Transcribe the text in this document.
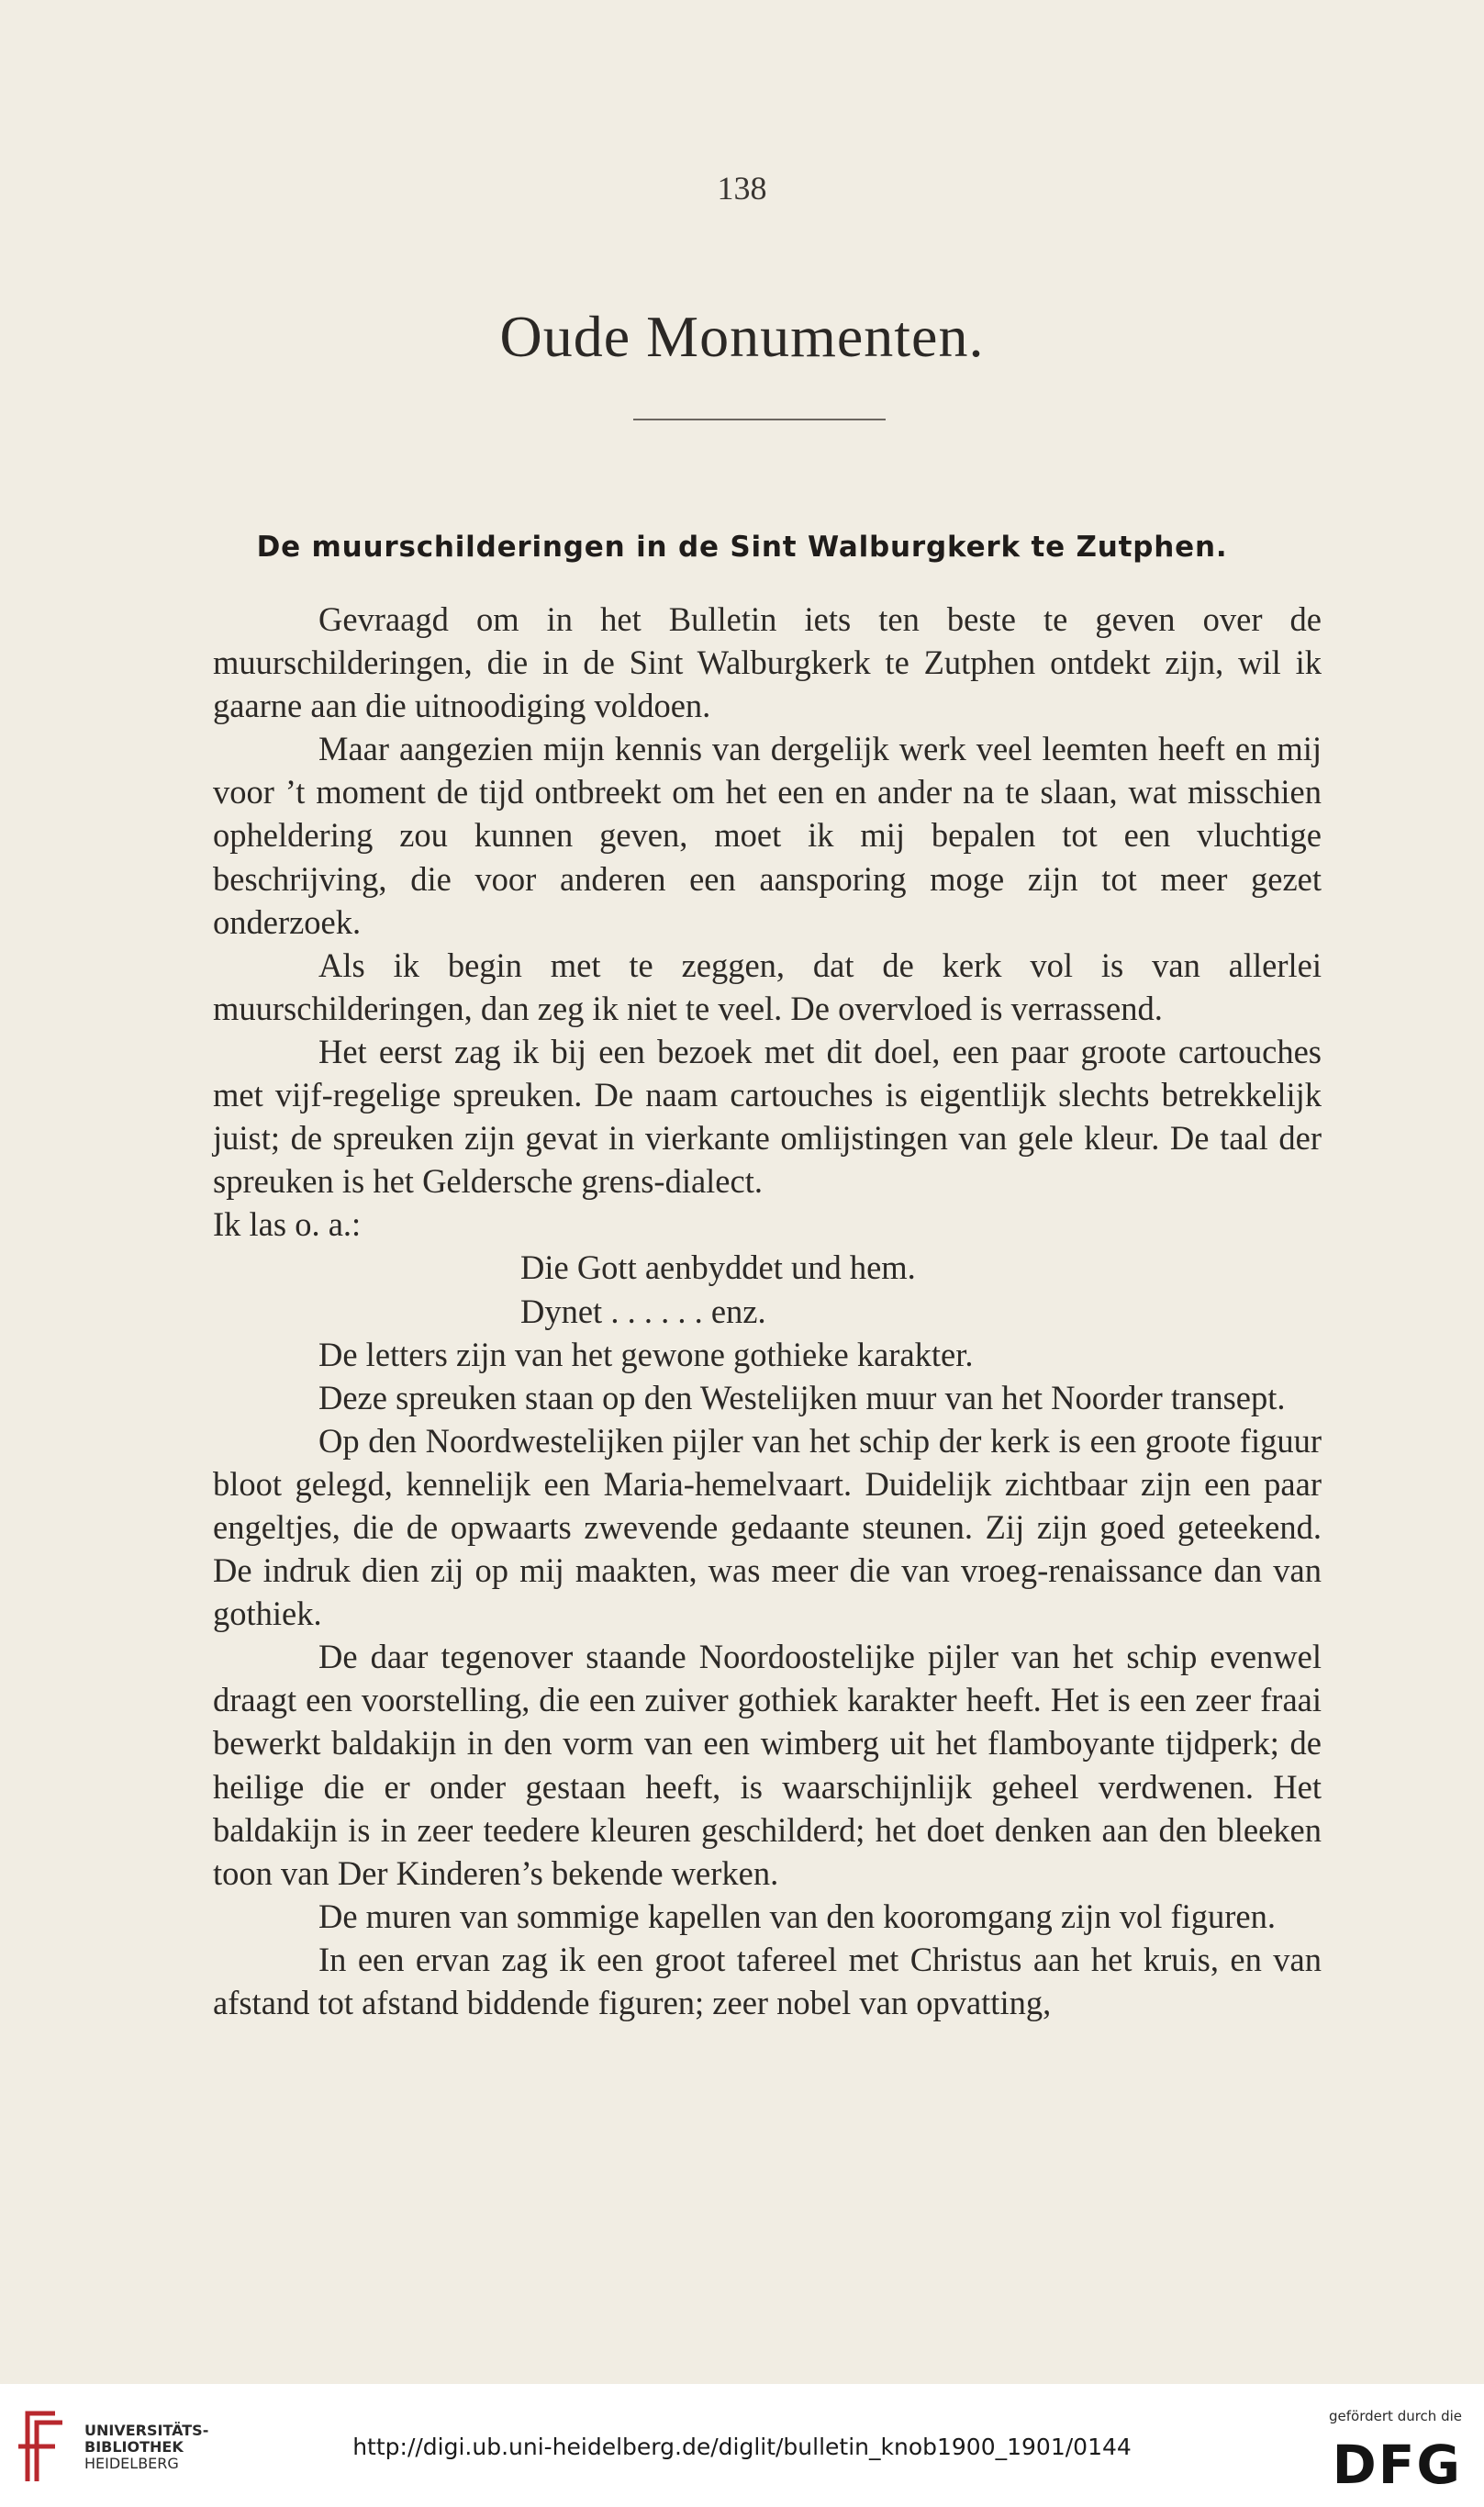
138
Oude Monumenten.
De muurschilderingen in de Sint Walburgkerk te Zutphen.

Gevraagd om in het Bulletin iets ten beste te geven over de muurschilderingen, die in de Sint Walburgkerk te Zutphen ontdekt zijn, wil ik gaarne aan die uitnoodiging voldoen.

Maar aangezien mijn kennis van dergelijk werk veel leemten heeft en mij voor ’t moment de tijd ontbreekt om het een en ander na te slaan, wat misschien opheldering zou kunnen geven, moet ik mij bepalen tot een vluchtige beschrijving, die voor anderen een aansporing moge zijn tot meer gezet onderzoek.

Als ik begin met te zeggen, dat de kerk vol is van allerlei muurschilderingen, dan zeg ik niet te veel. De overvloed is verrassend.

Het eerst zag ik bij een bezoek met dit doel, een paar groote cartouches met vijf-regelige spreuken. De naam cartouches is eigentlijk slechts betrekkelijk juist; de spreuken zijn gevat in vierkante omlijstingen van gele kleur. De taal der spreuken is het Geldersche grens-dialect.

Ik las o. a.:

Die Gott aenbyddet und hem.

Dynet . . . . . . enz.

De letters zijn van het gewone gothieke karakter.

Deze spreuken staan op den Westelijken muur van het Noorder transept.

Op den Noordwestelijken pijler van het schip der kerk is een groote figuur bloot gelegd, kennelijk een Maria-hemelvaart. Duidelijk zichtbaar zijn een paar engeltjes, die de opwaarts zwevende gedaante steunen. Zij zijn goed geteekend. De indruk dien zij op mij maakten, was meer die van vroeg-renaissance dan van gothiek.

De daar tegenover staande Noordoostelijke pijler van het schip evenwel draagt een voorstelling, die een zuiver gothiek karakter heeft. Het is een zeer fraai bewerkt baldakijn in den vorm van een wimberg uit het flamboyante tijdperk; de heilige die er onder gestaan heeft, is waarschijnlijk geheel verdwenen. Het baldakijn is in zeer teedere kleuren geschilderd; het doet denken aan den bleeken toon van Der Kinderen’s bekende werken.

De muren van sommige kapellen van den kooromgang zijn vol figuren.

In een ervan zag ik een groot tafereel met Christus aan het kruis, en van afstand tot afstand biddende figuren; zeer nobel van opvatting,

UNIVERSITÄTS-
BIBLIOTHEK
HEIDELBERG
http://digi.ub.uni-heidelberg.de/diglit/bulletin_knob1900_1901/0144
gefördert durch die
DFG
